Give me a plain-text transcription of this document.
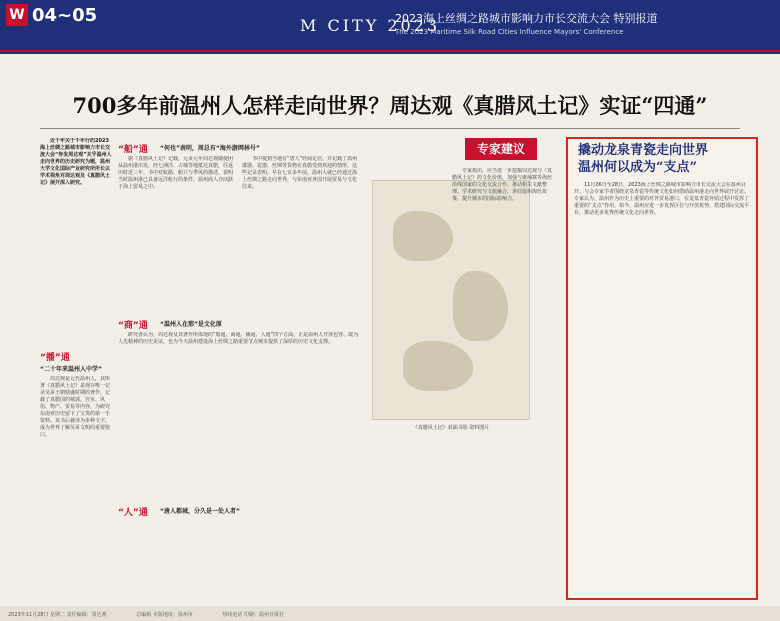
W 04~05	M CITY 2023
2023海上丝绸之路城市影响力市长交流大会 特别报道
The 2023 Maritime Silk Road Cities Influence Mayors' Conference
700多年前温州人怎样走向世界？周达观《真腊风土记》实证“四通”

近千年关于千年行的2023海上丝绸之路城市影响力市长交流大会“券发周达观”关乎温州人走向世界的历史研究为题，温州大学文化国际产业研究所所长以学术视角对周达观及《真腊风土记》展开深入研究。

“船”通 “何也”表明，周总有“海外游网林号”
“商”通 “温州人在那”是文化原
“播”通
“二十年来温州人中学”
“人”通 “唐人都城，分久是一处人者”

周达观是元代温州人，其所著《真腊风土记》是现存唯一记录吴哥王朝鼎盛时期的著作，记载了真腊国的城郭、宫室、风俗、物产、贸易等内容，为研究东南亚历史留下了宝贵的第一手资料。该书后被译为多种文字，成为世界了解吴哥文明的重要窗口。

据《真腊风土记》记载，元贞元年周达观随使团从温州港出发，经七洲洋、占城等地抵达真腊，往返历时近三年。书中对航路、船只与季风的描述，说明当时温州港已具备远洋航行的条件，温州商人亦活跃于海上贸易之中。

书中提到当地有“唐人”经商定居，并记载了温州漆器、瓷器、丝绸等货物在真腊受到欢迎的情形。这些记录表明，早在七百多年前，温州人就已经通过海上丝绸之路走向世界，与东南亚各国开展贸易与文化往来。

研究者认为，周达观及其著作所体现的“船通、商通、播通、人通”四个方面，正是温州人开放包容、敢为人先精神的历史见证，也为今天温州建设海上丝绸之路重要节点城市提供了深厚的历史文化支撑。

《真腊风土记》封面书影 资料图片
专家建议

专家指出，应当进一步挖掘周达观与《真腊风土记》的文化价值，加强与柬埔寨等海丝沿线国家的文化交流合作，推动相关文献整理、学术研究与文旅融合，讲好温州海丝故事，提升城市的国际影响力。

撬动龙泉青瓷走向世界
温州何以成为“支点”

11月26日至28日，2023海上丝绸之路城市影响力市长交流大会在温州召开。与会专家学者围绕龙泉青瓷等传统文化如何借助温州港走向世界展开讨论。专家认为，温州作为历史上重要的对外贸易港口，在龙泉青瓷外销过程中发挥了重要的“支点”作用。如今，温州应进一步发挥区位与开放优势，搭建国际交流平台，推动更多优秀传统文化走向世界。

2023年11月28日 星期二 责任编辑：周达观	总编辑 本版地址：温州市	热线电话 印刷：温州日报社
